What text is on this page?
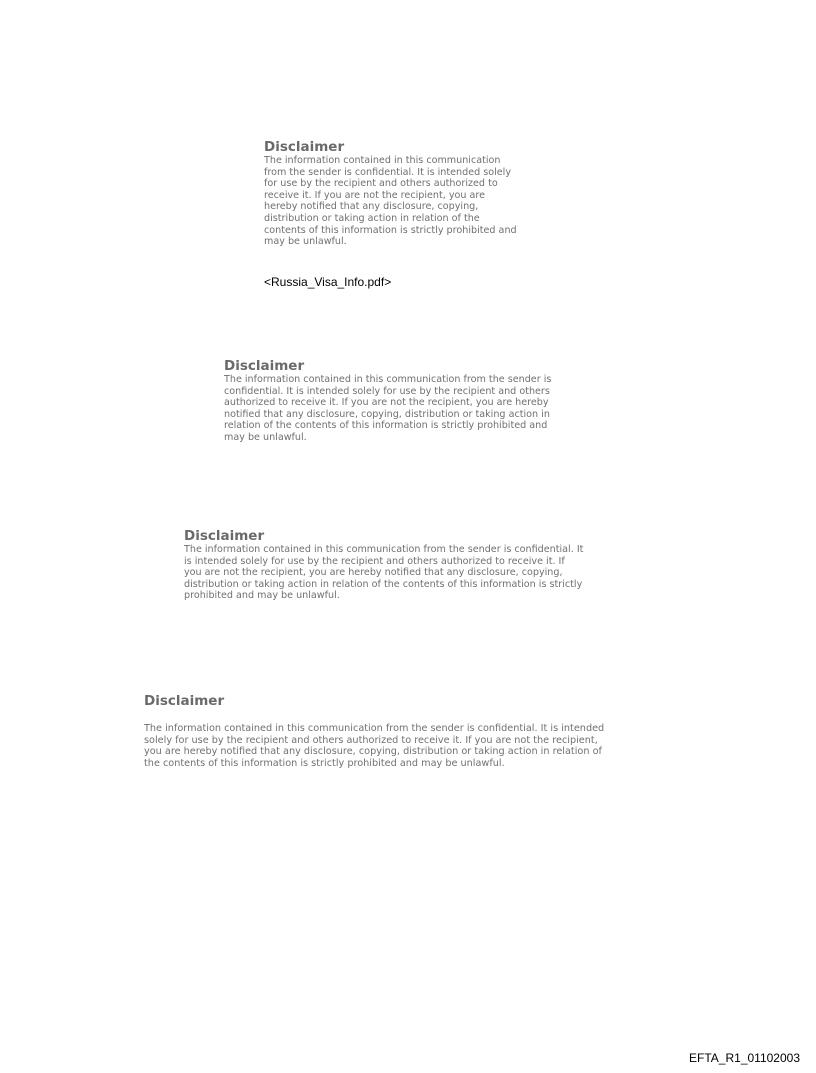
Disclaimer

The information contained in this communication

from the sender is confidential. It is intended solely

for use by the recipient and others authorized to

receive it. If you are not the recipient, you are

hereby notified that any disclosure, copying,

distribution or taking action in relation of the

contents of this information is strictly prohibited and

may be unlawful.

<Russia_Visa_Info.pdf>

Disclaimer

The information contained in this communication from the sender is

confidential. It is intended solely for use by the recipient and others

authorized to receive it. If you are not the recipient, you are hereby

notified that any disclosure, copying, distribution or taking action in

relation of the contents of this information is strictly prohibited and

may be unlawful.

Disclaimer

The information contained in this communication from the sender is confidential. It

is intended solely for use by the recipient and others authorized to receive it. If

you are not the recipient, you are hereby notified that any disclosure, copying,

distribution or taking action in relation of the contents of this information is strictly

prohibited and may be unlawful.

Disclaimer

The information contained in this communication from the sender is confidential. It is intended

solely for use by the recipient and others authorized to receive it. If you are not the recipient,

you are hereby notified that any disclosure, copying, distribution or taking action in relation of

the contents of this information is strictly prohibited and may be unlawful.

EFTA_R1_01102003
